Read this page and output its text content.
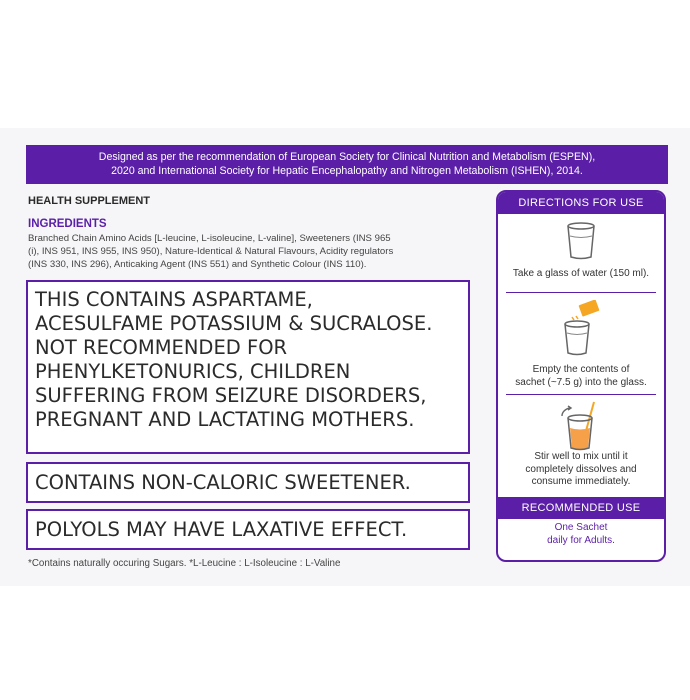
Designed as per the recommendation of European Society for Clinical Nutrition and Metabolism (ESPEN),
2020 and International Society for Hepatic Encephalopathy and Nitrogen Metabolism (ISHEN), 2014.
HEALTH SUPPLEMENT
INGREDIENTS
Branched Chain Amino Acids [L-leucine, L-isoleucine, L-valine], Sweeteners (INS 965
(i), INS 951, INS 955, INS 950), Nature-Identical & Natural Flavours, Acidity regulators
(INS 330, INS 296), Anticaking Agent (INS 551) and Synthetic Colour (INS 110).
THIS CONTAINS ASPARTAME,
ACESULFAME POTASSIUM & SUCRALOSE.
NOT RECOMMENDED FOR
PHENYLKETONURICS, CHILDREN
SUFFERING FROM SEIZURE DISORDERS,
PREGNANT AND LACTATING MOTHERS.
CONTAINS NON-CALORIC SWEETENER.
POLYOLS MAY HAVE LAXATIVE EFFECT.
*Contains naturally occuring Sugars. *L-Leucine : L-Isoleucine : L-Valine
DIRECTIONS FOR USE
Take a glass of water (150 ml).
Empty the contents of
sachet (~7.5 g) into the glass.
Stir well to mix until it
completely dissolves and
consume immediately.
RECOMMENDED USE
One Sachet
daily for Adults.
